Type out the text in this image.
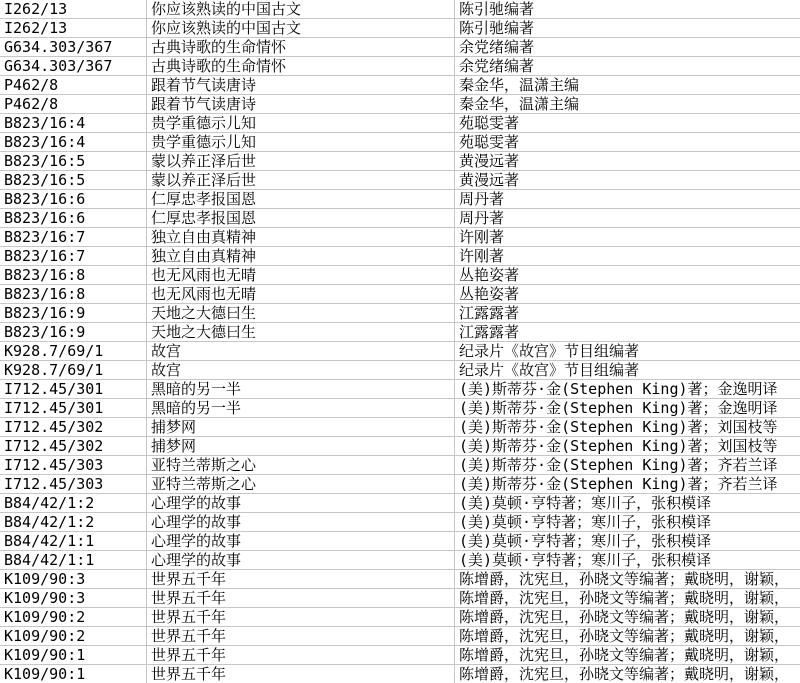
I262/13	你应该熟读的中国古文	陈引驰编著
I262/13	你应该熟读的中国古文	陈引驰编著
G634.303/367	古典诗歌的生命情怀	余党绪编著
G634.303/367	古典诗歌的生命情怀	余党绪编著
P462/8	跟着节气读唐诗	秦金华，温潇主编
P462/8	跟着节气读唐诗	秦金华，温潇主编
B823/16:4	贵学重德示儿知	苑聪雯著
B823/16:4	贵学重德示儿知	苑聪雯著
B823/16:5	蒙以养正泽后世	黄漫远著
B823/16:5	蒙以养正泽后世	黄漫远著
B823/16:6	仁厚忠孝报国恩	周丹著
B823/16:6	仁厚忠孝报国恩	周丹著
B823/16:7	独立自由真精神	许刚著
B823/16:7	独立自由真精神	许刚著
B823/16:8	也无风雨也无晴	丛艳姿著
B823/16:8	也无风雨也无晴	丛艳姿著
B823/16:9	天地之大德曰生	江露露著
B823/16:9	天地之大德曰生	江露露著
K928.7/69/1	故宫	纪录片《故宫》节目组编著
K928.7/69/1	故宫	纪录片《故宫》节目组编著
I712.45/301	黑暗的另一半	(美)斯蒂芬·金(Stephen King)著；金逸明译
I712.45/301	黑暗的另一半	(美)斯蒂芬·金(Stephen King)著；金逸明译
I712.45/302	捕梦网	(美)斯蒂芬·金(Stephen King)著；刘国枝等
I712.45/302	捕梦网	(美)斯蒂芬·金(Stephen King)著；刘国枝等
I712.45/303	亚特兰蒂斯之心	(美)斯蒂芬·金(Stephen King)著；齐若兰译
I712.45/303	亚特兰蒂斯之心	(美)斯蒂芬·金(Stephen King)著；齐若兰译
B84/42/1:2	心理学的故事	(美)莫顿·亨特著；寒川子，张积模译
B84/42/1:2	心理学的故事	(美)莫顿·亨特著；寒川子，张积模译
B84/42/1:1	心理学的故事	(美)莫顿·亨特著；寒川子，张积模译
B84/42/1:1	心理学的故事	(美)莫顿·亨特著；寒川子，张积模译
K109/90:3	世界五千年	陈增爵，沈宪旦，孙晓文等编著；戴晓明，谢颖，
K109/90:3	世界五千年	陈增爵，沈宪旦，孙晓文等编著；戴晓明，谢颖，
K109/90:2	世界五千年	陈增爵，沈宪旦，孙晓文等编著；戴晓明，谢颖，
K109/90:2	世界五千年	陈增爵，沈宪旦，孙晓文等编著；戴晓明，谢颖，
K109/90:1	世界五千年	陈增爵，沈宪旦，孙晓文等编著；戴晓明，谢颖，
K109/90:1	世界五千年	陈增爵，沈宪旦，孙晓文等编著；戴晓明，谢颖，
